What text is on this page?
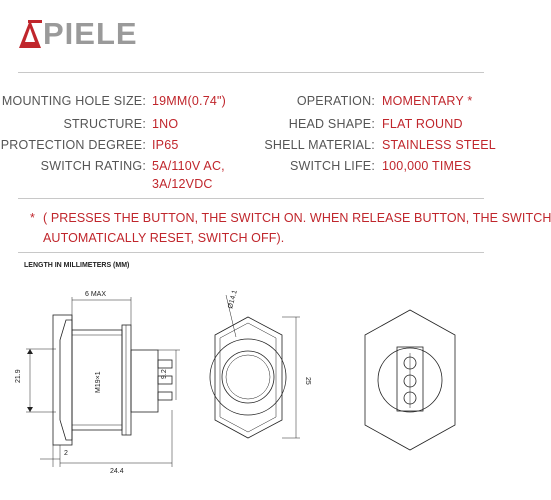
PIELE
MOUNTING HOLE SIZE: 19MM(0.74")
STRUCTURE: 1NO
PROTECTION DEGREE: IP65
SWITCH RATING: 5A/110V AC,
3A/12VDC
OPERATION: MOMENTARY *
HEAD SHAPE: FLAT ROUND
SHELL MATERIAL: STAINLESS STEEL
SWITCH LIFE: 100,000 TIMES
* ( PRESSES THE BUTTON, THE SWITCH ON. WHEN RELEASE BUTTON, THE SWITCH
AUTOMATICALLY RESET, SWITCH OFF).
LENGTH IN MILLIMETERS (MM)
6 MAX
21.9	M19×1	9.2
2
24.4
Ø14.1
25
